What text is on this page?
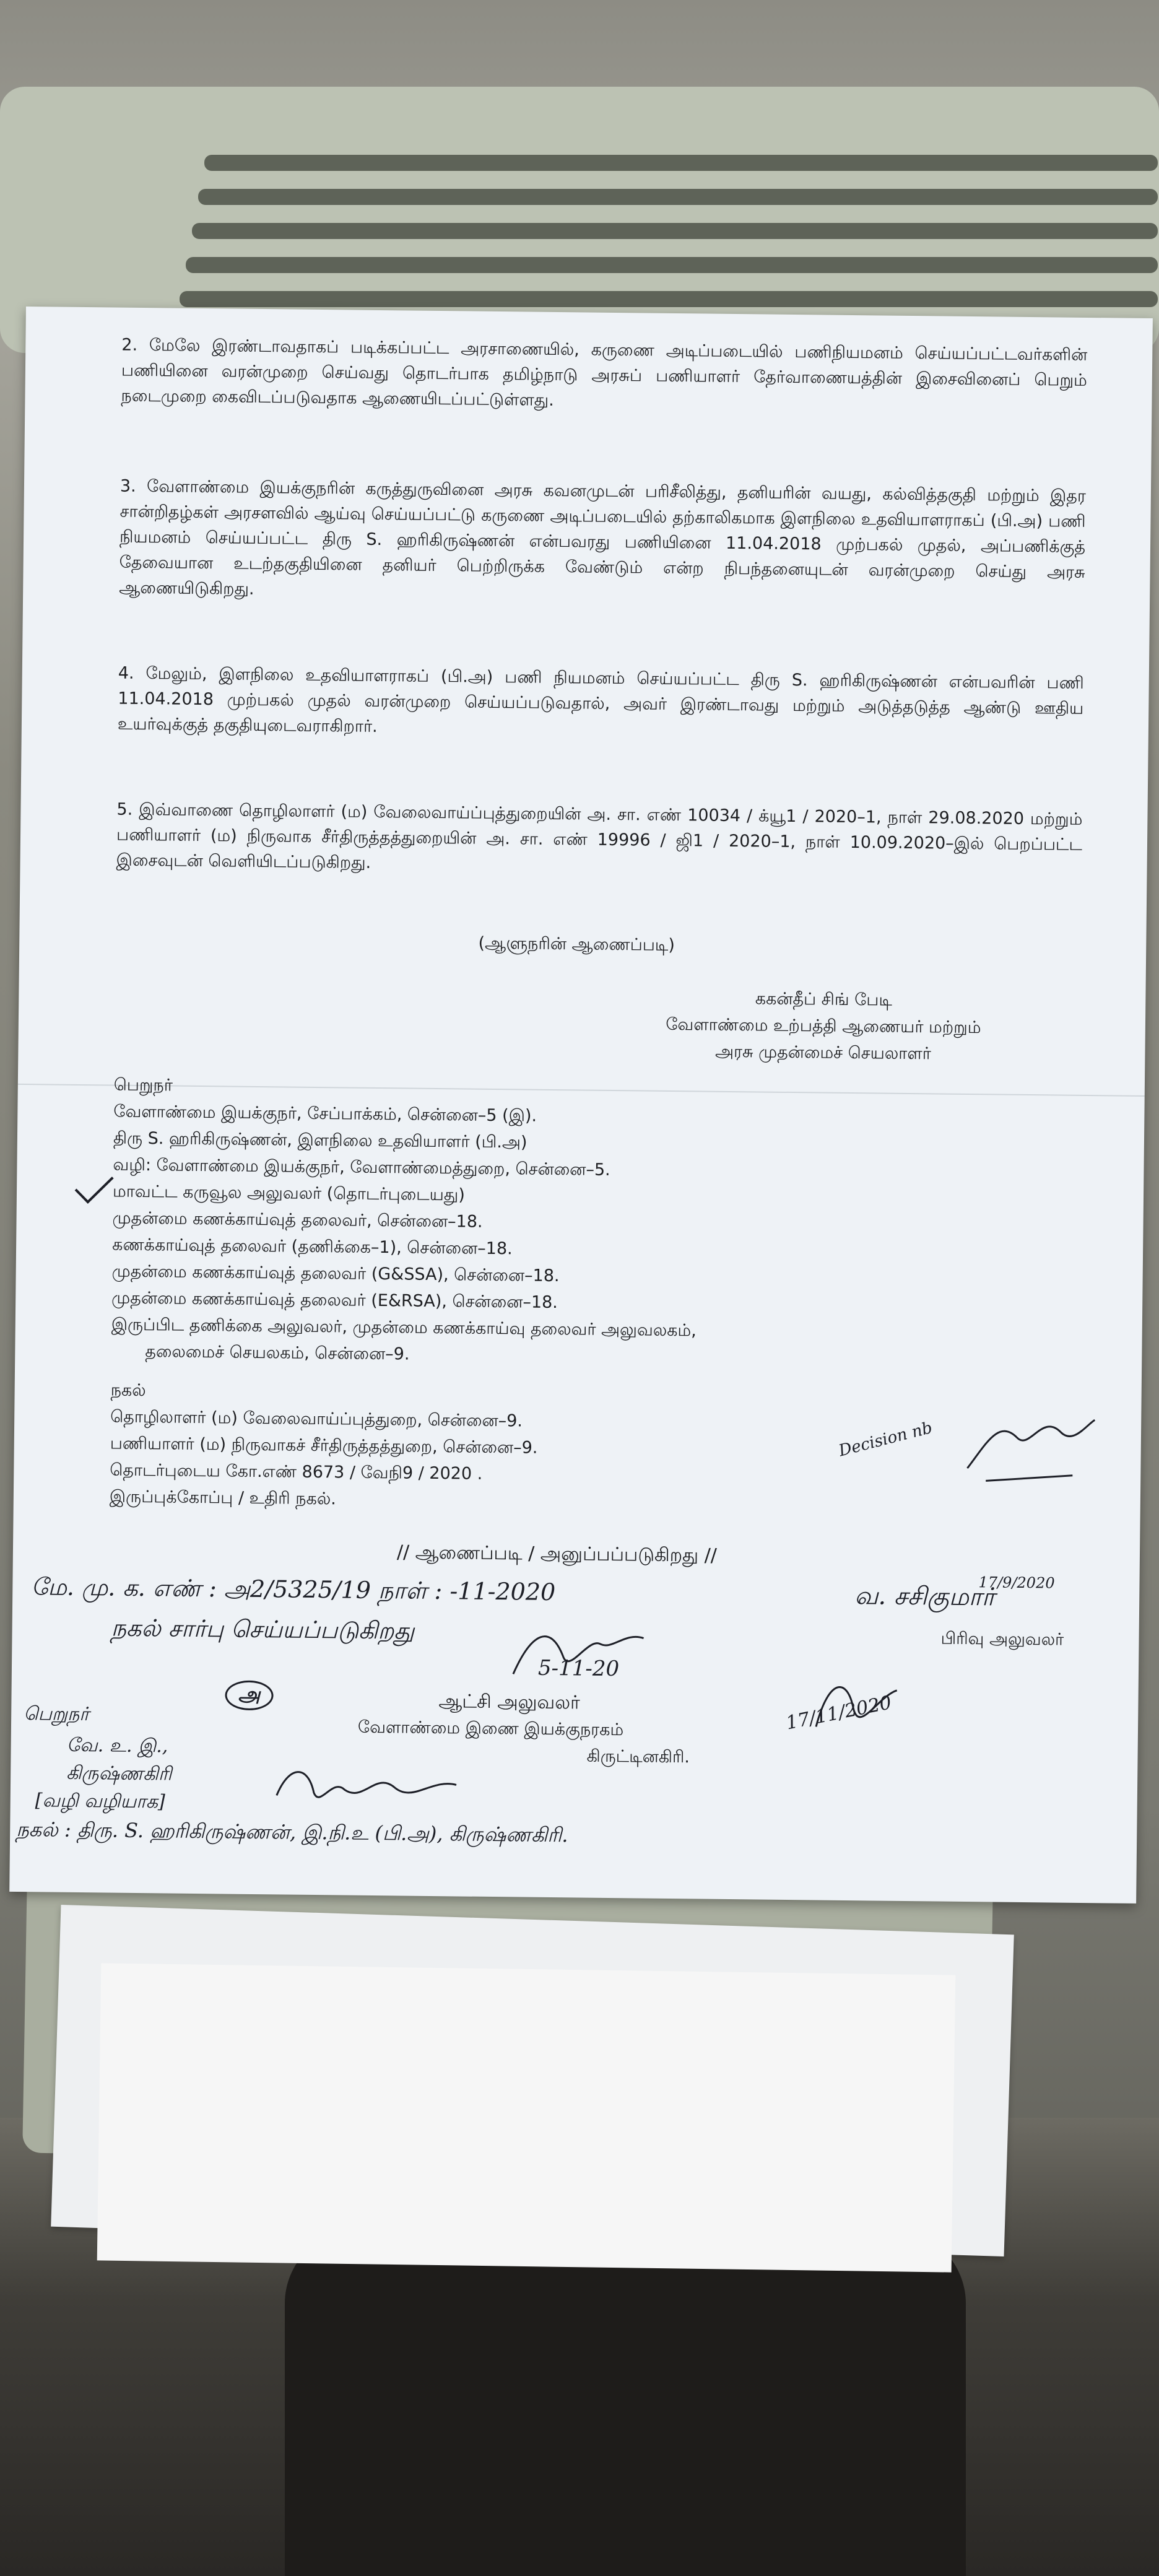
2. மேலே இரண்டாவதாகப் படிக்கப்பட்ட அரசாணையில், கருணை அடிப்படையில் பணிநியமனம் செய்யப்பட்டவர்களின் பணியினை வரன்முறை செய்வது தொடர்பாக தமிழ்நாடு அரசுப் பணியாளர் தேர்வாணையத்தின் இசைவினைப் பெறும் நடைமுறை கைவிடப்படுவதாக ஆணையிடப்பட்டுள்ளது.
3. வேளாண்மை இயக்குநரின் கருத்துருவினை அரசு கவனமுடன் பரிசீலித்து, தனியரின் வயது, கல்வித்தகுதி மற்றும் இதர சான்றிதழ்கள் அரசளவில் ஆய்வு செய்யப்பட்டு கருணை அடிப்படையில் தற்காலிகமாக இளநிலை உதவியாளராகப் (பி.அ) பணி நியமனம் செய்யப்பட்ட திரு S. ஹரிகிருஷ்ணன் என்பவரது பணியினை 11.04.2018 முற்பகல் முதல், அப்பணிக்குத் தேவையான உடற்தகுதியினை தனியர் பெற்றிருக்க வேண்டும் என்ற நிபந்தனையுடன் வரன்முறை செய்து அரசு ஆணையிடுகிறது.
4. மேலும், இளநிலை உதவியாளராகப் (பி.அ) பணி நியமனம் செய்யப்பட்ட திரு S. ஹரிகிருஷ்ணன் என்பவரின் பணி 11.04.2018 முற்பகல் முதல் வரன்முறை செய்யப்படுவதால், அவர் இரண்டாவது மற்றும் அடுத்தடுத்த ஆண்டு ஊதிய உயர்வுக்குத் தகுதியுடைவராகிறார்.
5. இவ்வாணை தொழிலாளர் (ம) வேலைவாய்ப்புத்துறையின் அ. சா. எண் 10034 / க்யூ1 / 2020–1, நாள் 29.08.2020 மற்றும் பணியாளர் (ம) நிருவாக சீர்திருத்தத்துறையின் அ. சா. எண் 19996 / ஜி1 / 2020–1, நாள் 10.09.2020–இல் பெறப்பட்ட இசைவுடன் வெளியிடப்படுகிறது.
(ஆளுநரின் ஆணைப்படி)
ககன்தீப் சிங் பேடி
வேளாண்மை உற்பத்தி ஆணையர் மற்றும்
அரசு முதன்மைச் செயலாளர்
பெறுநர்
வேளாண்மை இயக்குநர், சேப்பாக்கம், சென்னை–5 (இ).
திரு S. ஹரிகிருஷ்ணன், இளநிலை உதவியாளர் (பி.அ)
வழி: வேளாண்மை இயக்குநர், வேளாண்மைத்துறை, சென்னை–5.
மாவட்ட கருவூல அலுவலர் (தொடர்புடையது)
முதன்மை கணக்காய்வுத் தலைவர், சென்னை–18.
கணக்காய்வுத் தலைவர் (தணிக்கை–1), சென்னை–18.
முதன்மை கணக்காய்வுத் தலைவர் (G&SSA), சென்னை–18.
முதன்மை கணக்காய்வுத் தலைவர் (E&RSA), சென்னை–18.
இருப்பிட தணிக்கை அலுவலர், முதன்மை கணக்காய்வு தலைவர் அலுவலகம்,
தலைமைச் செயலகம், சென்னை–9.
நகல்
தொழிலாளர் (ம) வேலைவாய்ப்புத்துறை, சென்னை–9.
பணியாளர் (ம) நிருவாகச் சீர்திருத்தத்துறை, சென்னை–9.
தொடர்புடைய கோ.எண் 8673 / வேநி9 / 2020 .
இருப்புக்கோப்பு / உதிரி நகல்.
// ஆணைப்படி / அனுப்பப்படுகிறது //
மே. மு. க. எண் : அ2/5325/19 நாள் : -11-2020
நகல் சார்பு செய்யப்படுகிறது
5-11-20
வ. சசிகுமார்
17/9/2020
பிரிவு அலுவலர்
Decision nb
அ	ஆட்சி அலுவலர்
வேளாண்மை இணை இயக்குநரகம்
கிருட்டினகிரி.
17/11/2020
பெறுநர்
வே. உ. இ.,
கிருஷ்ணகிரி
[வழி வழியாக]
நகல் : திரு. S. ஹரிகிருஷ்ணன், இ.நி.உ (பி.அ), கிருஷ்ணகிரி.
